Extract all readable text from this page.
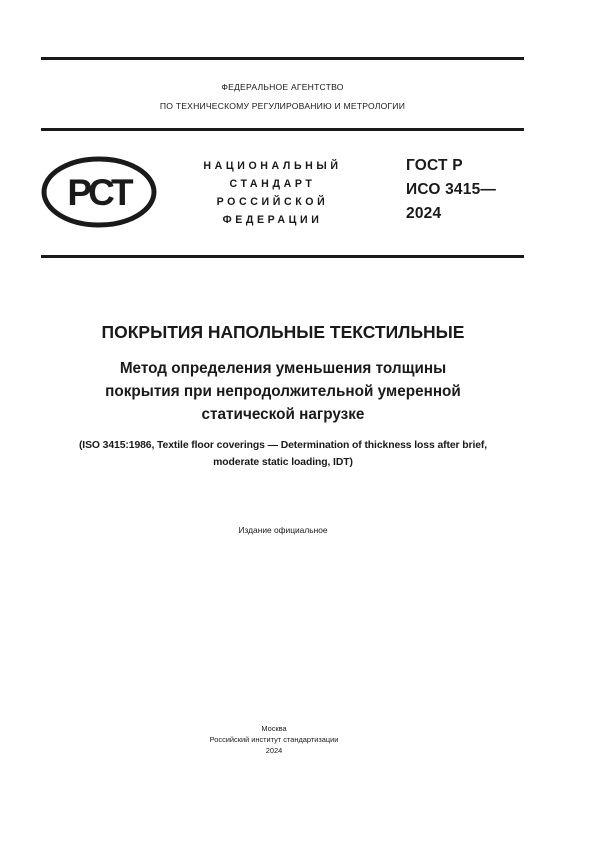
ФЕДЕРАЛЬНОЕ АГЕНТСТВО
ПО ТЕХНИЧЕСКОМУ РЕГУЛИРОВАНИЮ И МЕТРОЛОГИИ
РСТ
НАЦИОНАЛЬНЫЙ
СТАНДАРТ
РОССИЙСКОЙ
ФЕДЕРАЦИИ
ГОСТ Р
ИСО 3415—
2024
ПОКРЫТИЯ НАПОЛЬНЫЕ ТЕКСТИЛЬНЫЕ
Метод определения уменьшения толщины
покрытия при непродолжительной умеренной
статической нагрузке
(ISO 3415:1986, Textile floor coverings — Determination of thickness loss after brief,
moderate static loading, IDT)
Издание официальное
Москва
Российский институт стандартизации
2024
